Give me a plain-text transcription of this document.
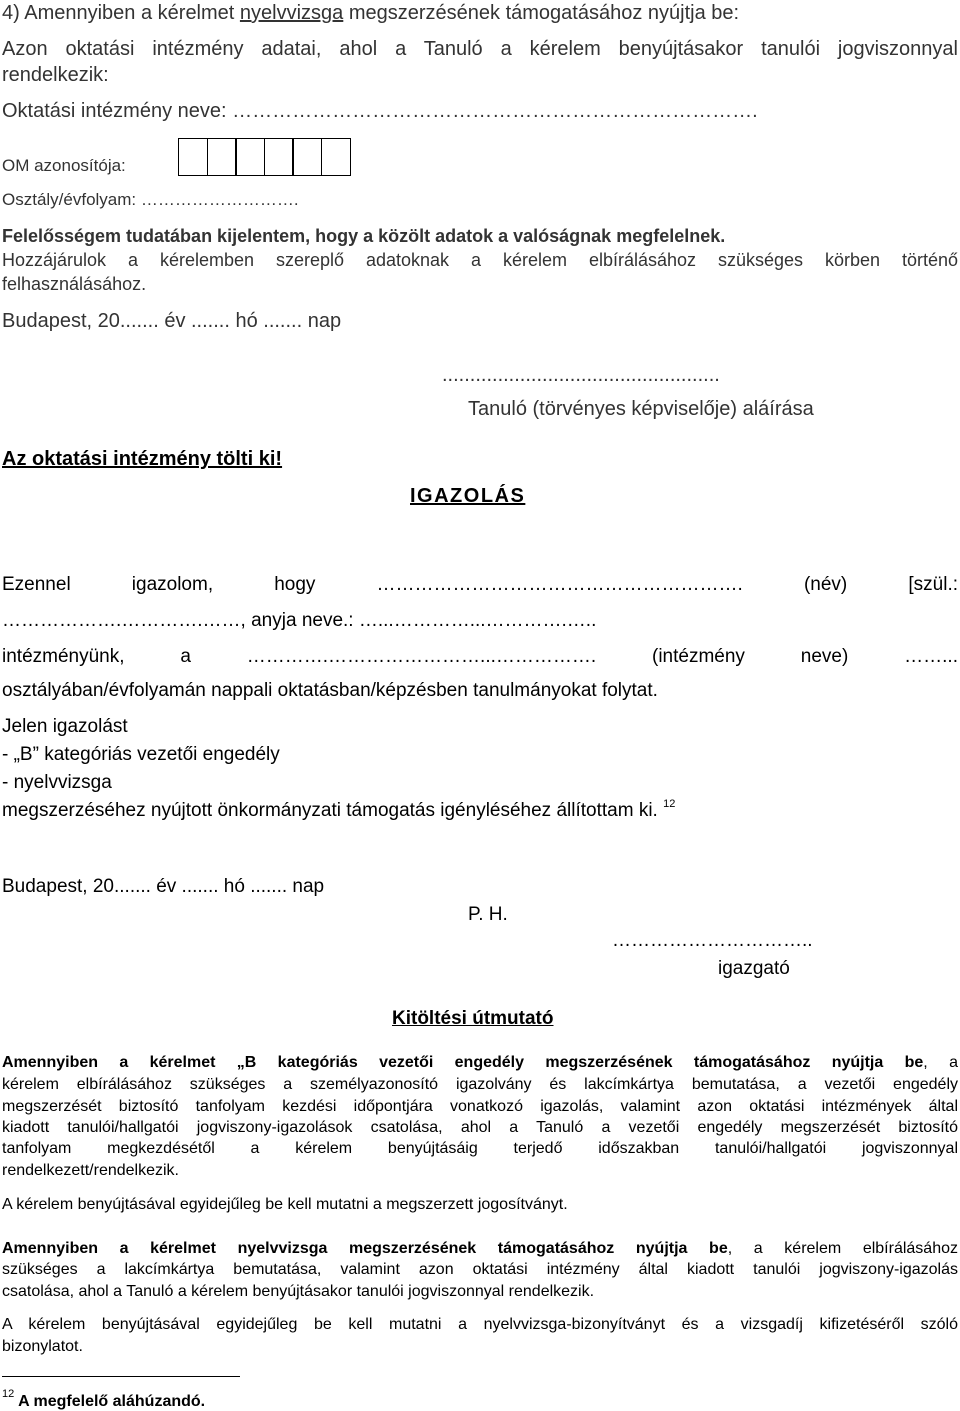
4) Amennyiben a kérelmet nyelvvizsga megszerzésének támogatásához nyújtja be:
Azon oktatási intézmény adatai, ahol a Tanuló a kérelem benyújtásakor tanulói jogviszonnyal
rendelkezik:
Oktatási intézmény neve: …………………………………………………………………….
OM azonosítója:
Osztály/évfolyam: ……………………….
Felelősségem tudatában kijelentem, hogy a közölt adatok a valóságnak megfelelnek.
Hozzájárulok a kérelemben szereplő adatoknak a kérelem elbírálásához szükséges körben történő
felhasználásához.
Budapest, 20....... év ....... hó ....... nap
..................................................
Tanuló (törvényes képviselője) aláírása
Az oktatási intézmény tölti ki!
IGAZOLÁS
Ezennel igazolom, hogy …………………………………………………. (név) [szül.:
……………….………….……, anyja neve.: …...…………...………….…..
intézményünk, a ………….……………………...……………. (intézmény neve) ……...
osztályában/évfolyamán nappali oktatásban/képzésben tanulmányokat folytat.
Jelen igazolást
- „B” kategóriás vezetői engedély
- nyelvvizsga
megszerzéséhez nyújtott önkormányzati támogatás igényléséhez állítottam ki. $^{12}$
Budapest, 20....... év ....... hó ....... nap
P. H.
…………………………..
igazgató
Kitöltési útmutató
Amennyiben a kérelmet „B kategóriás vezetői engedély megszerzésének támogatásához nyújtja be, a
kérelem elbírálásához szükséges a személyazonosító igazolvány és lakcímkártya bemutatása, a vezetői engedély
megszerzését biztosító tanfolyam kezdési időpontjára vonatkozó igazolás, valamint azon oktatási intézmények által
kiadott tanulói/hallgatói jogviszony-igazolások csatolása, ahol a Tanuló a vezetői engedély megszerzését biztosító
tanfolyam megkezdésétől a kérelem benyújtásáig terjedő időszakban tanulói/hallgatói jogviszonnyal
rendelkezett/rendelkezik.
A kérelem benyújtásával egyidejűleg be kell mutatni a megszerzett jogosítványt.
Amennyiben a kérelmet nyelvvizsga megszerzésének támogatásához nyújtja be, a kérelem elbírálásához
szükséges a lakcímkártya bemutatása, valamint azon oktatási intézmény által kiadott tanulói jogviszony-igazolás
csatolása, ahol a Tanuló a kérelem benyújtásakor tanulói jogviszonnyal rendelkezik.
A kérelem benyújtásával egyidejűleg be kell mutatni a nyelvvizsga-bizonyítványt és a vizsgadíj kifizetéséről szóló
bizonylatot.
$^{12}$ A megfelelő aláhúzandó.
